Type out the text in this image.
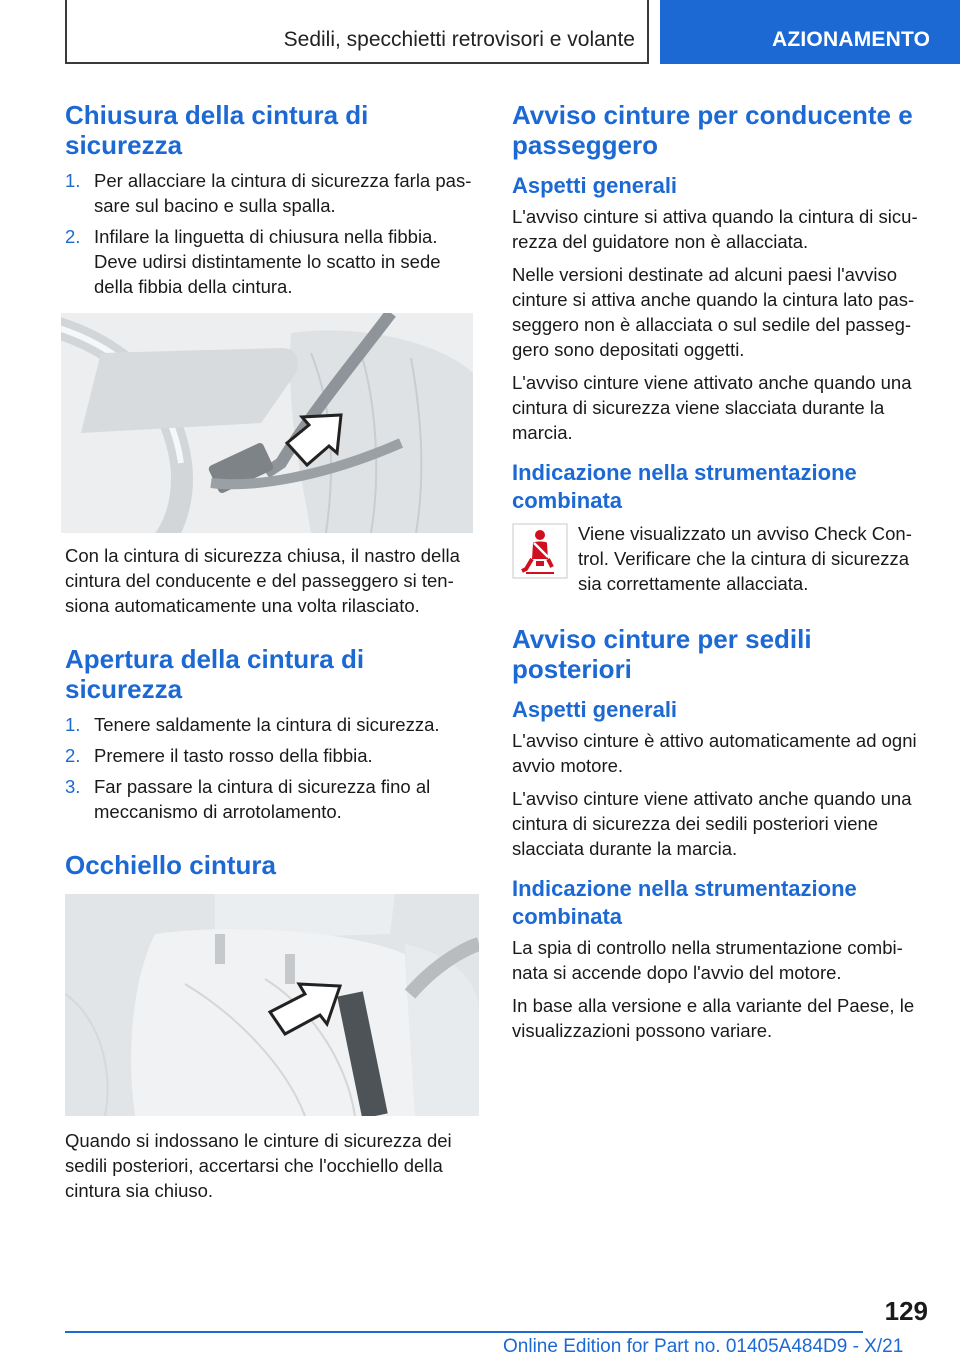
Sedili, specchietti retrovisori e volante	AZIONAMENTO
Chiusura della cintura di sicurezza
1. Per allacciare la cintura di sicurezza farla pas-sare sul bacino e sulla spalla.
2. Infilare la linguetta di chiusura nella fibbia. Deve udirsi distintamente lo scatto in sede della fibbia della cintura.

Con la cintura di sicurezza chiusa, il nastro della cintura del conducente e del passeggero si ten-siona automaticamente una volta rilasciato.

Apertura della cintura di sicurezza
1. Tenere saldamente la cintura di sicurezza.
2. Premere il tasto rosso della fibbia.
3. Far passare la cintura di sicurezza fino al meccanismo di arrotolamento.
Occhiello cintura

Quando si indossano le cinture di sicurezza dei sedili posteriori, accertarsi che l'occhiello della cintura sia chiuso.

Avviso cinture per conducente e passeggero
Aspetti generali

L'avviso cinture si attiva quando la cintura di sicu-rezza del guidatore non è allacciata.

Nelle versioni destinate ad alcuni paesi l'avviso cinture si attiva anche quando la cintura lato pas-seggero non è allacciata o sul sedile del passeg-gero sono depositati oggetti.

L'avviso cinture viene attivato anche quando una cintura di sicurezza viene slacciata durante la marcia.

Indicazione nella strumentazione combinata

Viene visualizzato un avviso Check Con-trol. Verificare che la cintura di sicurezza sia correttamente allacciata.

Avviso cinture per sedili posteriori
Aspetti generali

L'avviso cinture è attivo automaticamente ad ogni avvio motore.

L'avviso cinture viene attivato anche quando una cintura di sicurezza dei sedili posteriori viene slacciata durante la marcia.

Indicazione nella strumentazione combinata

La spia di controllo nella strumentazione combi-nata si accende dopo l'avvio del motore.

In base alla versione e alla variante del Paese, le visualizzazioni possono variare.

129
Online Edition for Part no. 01405A484D9 - X/21
